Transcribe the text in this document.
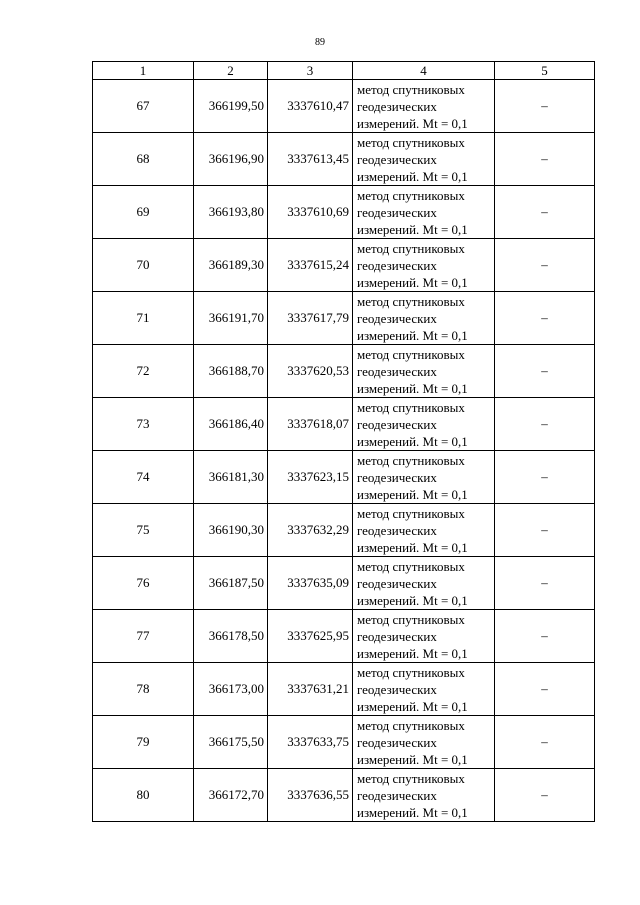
89
1	2	3	4	5
67	366199,50	3337610,47	метод спутниковых
геодезических
измерений. Mt = 0,1	–
68	366196,90	3337613,45	метод спутниковых
геодезических
измерений. Mt = 0,1	–
69	366193,80	3337610,69	метод спутниковых
геодезических
измерений. Mt = 0,1	–
70	366189,30	3337615,24	метод спутниковых
геодезических
измерений. Mt = 0,1	–
71	366191,70	3337617,79	метод спутниковых
геодезических
измерений. Mt = 0,1	–
72	366188,70	3337620,53	метод спутниковых
геодезических
измерений. Mt = 0,1	–
73	366186,40	3337618,07	метод спутниковых
геодезических
измерений. Mt = 0,1	–
74	366181,30	3337623,15	метод спутниковых
геодезических
измерений. Mt = 0,1	–
75	366190,30	3337632,29	метод спутниковых
геодезических
измерений. Mt = 0,1	–
76	366187,50	3337635,09	метод спутниковых
геодезических
измерений. Mt = 0,1	–
77	366178,50	3337625,95	метод спутниковых
геодезических
измерений. Mt = 0,1	–
78	366173,00	3337631,21	метод спутниковых
геодезических
измерений. Mt = 0,1	–
79	366175,50	3337633,75	метод спутниковых
геодезических
измерений. Mt = 0,1	–
80	366172,70	3337636,55	метод спутниковых
геодезических
измерений. Mt = 0,1	–
